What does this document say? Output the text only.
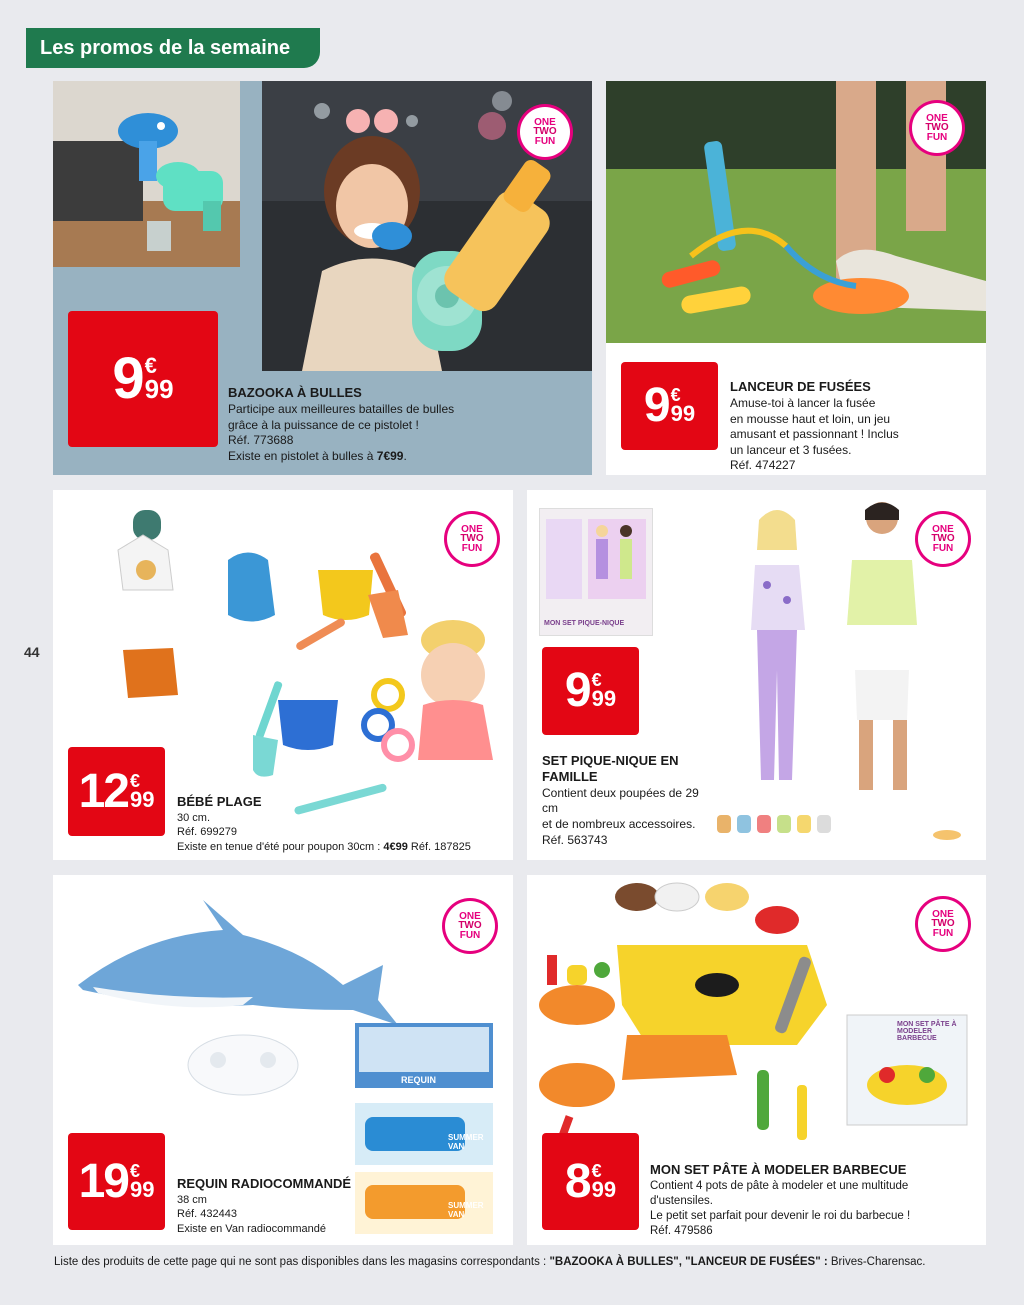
Les promos de la semaine
44
ONE
TWO
FUN
9 €
99	BAZOOKA À BULLES
Participe aux meilleures batailles de bulles
grâce à la puissance de ce pistolet !
Réf. 773688
Existe en pistolet à bulles à 7€99.
ONE
TWO
FUN
9 €
99
LANCEUR DE FUSÉES
Amuse-toi à lancer la fusée
en mousse haut et loin, un jeu
amusant et passionnant ! Inclus
un lanceur et 3 fusées.
Réf. 474227
ONE
TWO
FUN
12 €
99 BÉBÉ PLAGE
30 cm.
Réf. 699279
Existe en tenue d'été pour poupon 30cm : 4€99 Réf. 187825
MON SET PIQUE-NIQUE
ONE
TWO
FUN
9 €
99
SET PIQUE-NIQUE EN
FAMILLE
Contient deux poupées de 29 cm
et de nombreux accessoires.
Réf. 563743
REQUIN
SUMMER VAN
SUMMER VAN
ONE
TWO
FUN
19 €
99 REQUIN RADIOCOMMANDÉ
38 cm
Réf. 432443
Existe en Van radiocommandé
MON SET PÂTE À MODELER BARBECUE
ONE
TWO
FUN
8 €
99
MON SET PÂTE À MODELER BARBECUE
Contient 4 pots de pâte à modeler et une multitude
d'ustensiles.
Le petit set parfait pour devenir le roi du barbecue !
Réf. 479586
Liste des produits de cette page qui ne sont pas disponibles dans les magasins correspondants : "BAZOOKA À BULLES", "LANCEUR DE FUSÉES" : Brives-Charensac.
